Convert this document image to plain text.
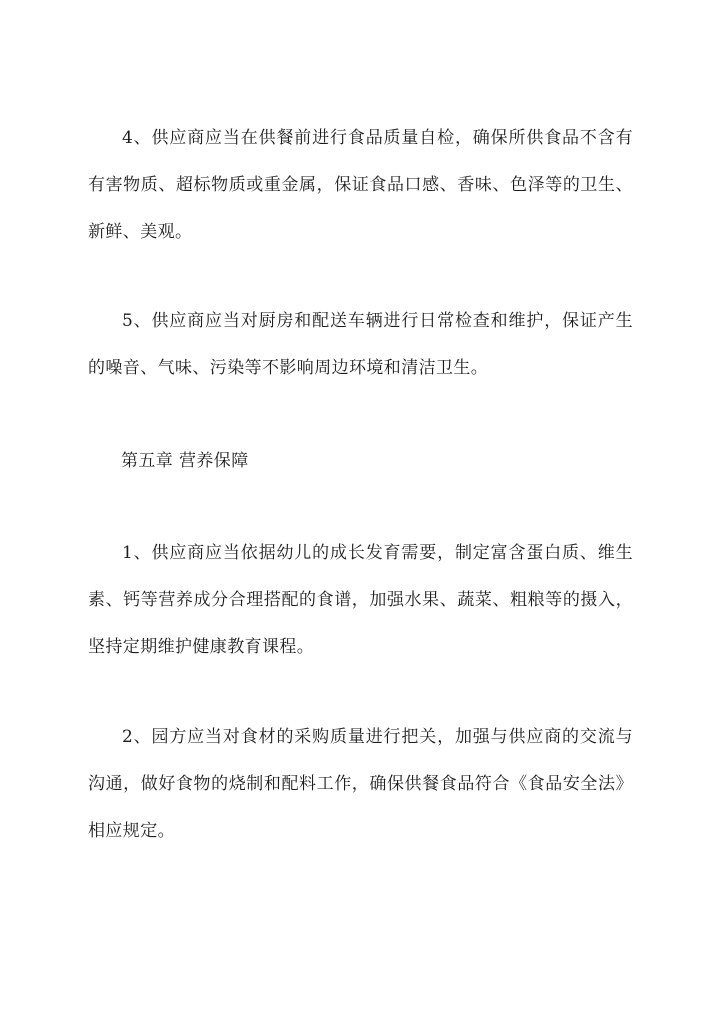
4、供应商应当在供餐前进行食品质量自检，确保所供食品不含有有害物质、超标物质或重金属，保证食品口感、香味、色泽等的卫生、新鲜、美观。

5、供应商应当对厨房和配送车辆进行日常检查和维护，保证产生的噪音、气味、污染等不影响周边环境和清洁卫生。

第五章 营养保障

1、供应商应当依据幼儿的成长发育需要，制定富含蛋白质、维生素、钙等营养成分合理搭配的食谱，加强水果、蔬菜、粗粮等的摄入，坚持定期维护健康教育课程。

2、园方应当对食材的采购质量进行把关，加强与供应商的交流与沟通，做好食物的烧制和配料工作，确保供餐食品符合《食品安全法》相应规定。
